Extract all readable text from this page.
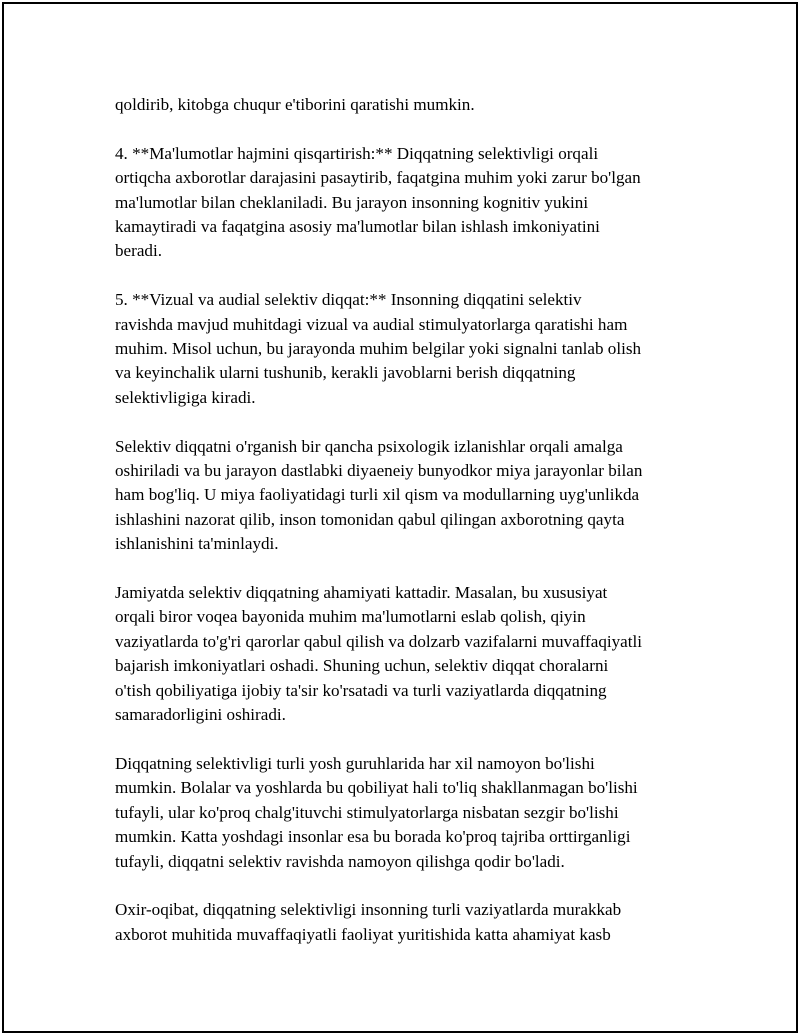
qoldirib, kitobga chuqur e'tiborini qaratishi mumkin.

4. **Ma'lumotlar hajmini qisqartirish:** Diqqatning selektivligi orqali
ortiqcha axborotlar darajasini pasaytirib, faqatgina muhim yoki zarur bo'lgan
ma'lumotlar bilan cheklaniladi. Bu jarayon insonning kognitiv yukini
kamaytiradi va faqatgina asosiy ma'lumotlar bilan ishlash imkoniyatini
beradi.

5. **Vizual va audial selektiv diqqat:** Insonning diqqatini selektiv
ravishda mavjud muhitdagi vizual va audial stimulyatorlarga qaratishi ham
muhim. Misol uchun, bu jarayonda muhim belgilar yoki signalni tanlab olish
va keyinchalik ularni tushunib, kerakli javoblarni berish diqqatning
selektivligiga kiradi.

Selektiv diqqatni o'rganish bir qancha psixologik izlanishlar orqali amalga
oshiriladi va bu jarayon dastlabki diyaeneiy bunyodkor miya jarayonlar bilan
ham bog'liq. U miya faoliyatidagi turli xil qism va modullarning uyg'unlikda
ishlashini nazorat qilib, inson tomonidan qabul qilingan axborotning qayta
ishlanishini ta'minlaydi.

Jamiyatda selektiv diqqatning ahamiyati kattadir. Masalan, bu xususiyat
orqali biror voqea bayonida muhim ma'lumotlarni eslab qolish, qiyin
vaziyatlarda to'g'ri qarorlar qabul qilish va dolzarb vazifalarni muvaffaqiyatli
bajarish imkoniyatlari oshadi. Shuning uchun, selektiv diqqat choralarni
o'tish qobiliyatiga ijobiy ta'sir ko'rsatadi va turli vaziyatlarda diqqatning
samaradorligini oshiradi.

Diqqatning selektivligi turli yosh guruhlarida har xil namoyon bo'lishi
mumkin. Bolalar va yoshlarda bu qobiliyat hali to'liq shakllanmagan bo'lishi
tufayli, ular ko'proq chalg'ituvchi stimulyatorlarga nisbatan sezgir bo'lishi
mumkin. Katta yoshdagi insonlar esa bu borada ko'proq tajriba orttirganligi
tufayli, diqqatni selektiv ravishda namoyon qilishga qodir bo'ladi.

Oxir-oqibat, diqqatning selektivligi insonning turli vaziyatlarda murakkab
axborot muhitida muvaffaqiyatli faoliyat yuritishida katta ahamiyat kasb
